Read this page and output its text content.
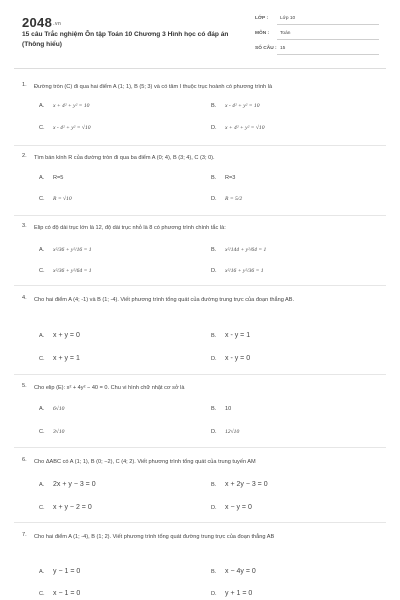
2048.vn
15 câu Trắc nghiệm Ôn tập Toán 10 Chương 3 Hình học có đáp án (Thông hiểu)
LỚP : Lớp 10
MÔN : Toán
SỐ CÂU : 15
1. Đường tròn (C) đi qua hai điểm A (1; 1), B (5; 3) và có tâm I thuộc trục hoành có phương trình là
A. x + 4² + y² = 10	B. x - 4² + y² = 10
C. x - 4² + y² = √10	D. x + 4² + y² = √10
2. Tìm bán kính R của đường tròn đi qua ba điểm A (0; 4), B (3; 4), C (3; 0).
A. R=5	B. R=3
C. R = √10	D. R = 5/2
3. Elip có độ dài trục lớn là 12, độ dài trục nhỏ là 8 có phương trình chính tắc là:
A. x²/36 + y²/16 = 1	B. x²/144 + y²/64 = 1
C. x²/36 + y²/64 = 1	D. x²/16 + y²/36 = 1
4. Cho hai điểm A (4; -1) và B (1; -4). Viết phương trình tổng quát của đường trung trực của đoạn thẳng AB.
A. x + y = 0	B. x - y = 1
C. x + y = 1	D. x - y = 0
5. Cho elip (E): x² + 4y² − 40 = 0. Chu vi hình chữ nhật cơ sở là
A. 6√10	B. 10
C. 3√10	D. 12√10
6. Cho ΔABC có A (1; 1), B (0; −2), C (4; 2). Viết phương trình tổng quát của trung tuyến AM
A. 2x + y − 3 = 0	B. x + 2y − 3 = 0
C. x + y − 2 = 0	D. x − y = 0
7. Cho hai điểm A (1; -4), B (1; 2). Viết phương trình tổng quát đường trung trực của đoạn thẳng AB
A. y − 1 = 0	B. x − 4y = 0
C. x − 1 = 0	D. y + 1 = 0
